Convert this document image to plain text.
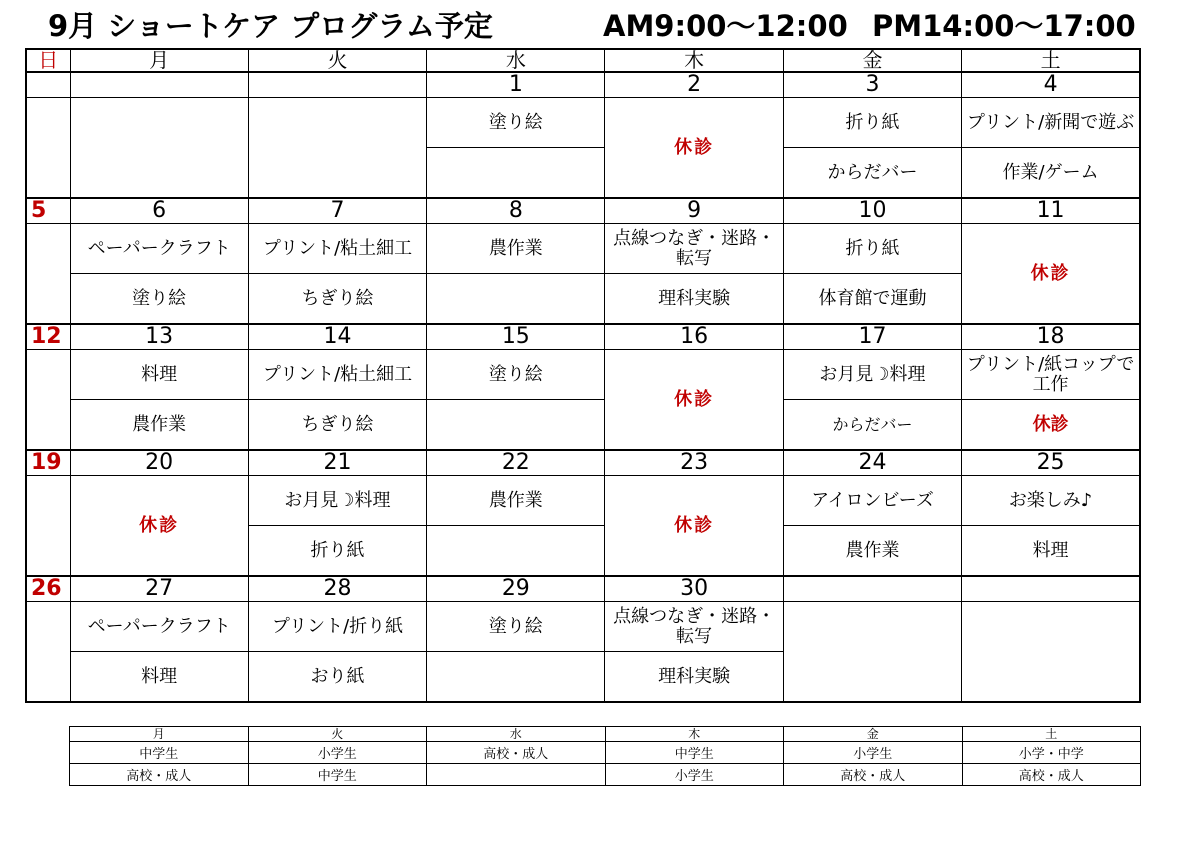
9月 ショートケア プログラム予定	AM9:00〜12:00 PM14:00〜17:00
日	月	火	水	木	金	土
			1	2	3	4
			塗り絵	休診	折り紙	プリント/新聞で遊ぶ
					からだバー	作業/ゲーム
5	6	7	8	9	10	11
	ペーパークラフト	プリント/粘土細工	農作業	点線つなぎ・迷路・転写	折り紙	休診
	塗り絵	ちぎり絵		理科実験	体育館で運動	
12	13	14	15	16	17	18
	料理	プリント/粘土細工	塗り絵	休診	お月見☽料理	プリント/紙コップで工作
	農作業	ちぎり絵			からだバー	休診
19	20	21	22	23	24	25
	休診	お月見☽料理	農作業	休診	アイロンビーズ	お楽しみ♪
		折り紙			農作業	料理
26	27	28	29	30		
	ペーパークラフト	プリント/折り紙	塗り絵	点線つなぎ・迷路・転写		
	料理	おり紙		理科実験		
月	火	水	木	金	土
中学生	小学生	高校・成人	中学生	小学生	小学・中学
高校・成人	中学生		小学生	高校・成人	高校・成人
